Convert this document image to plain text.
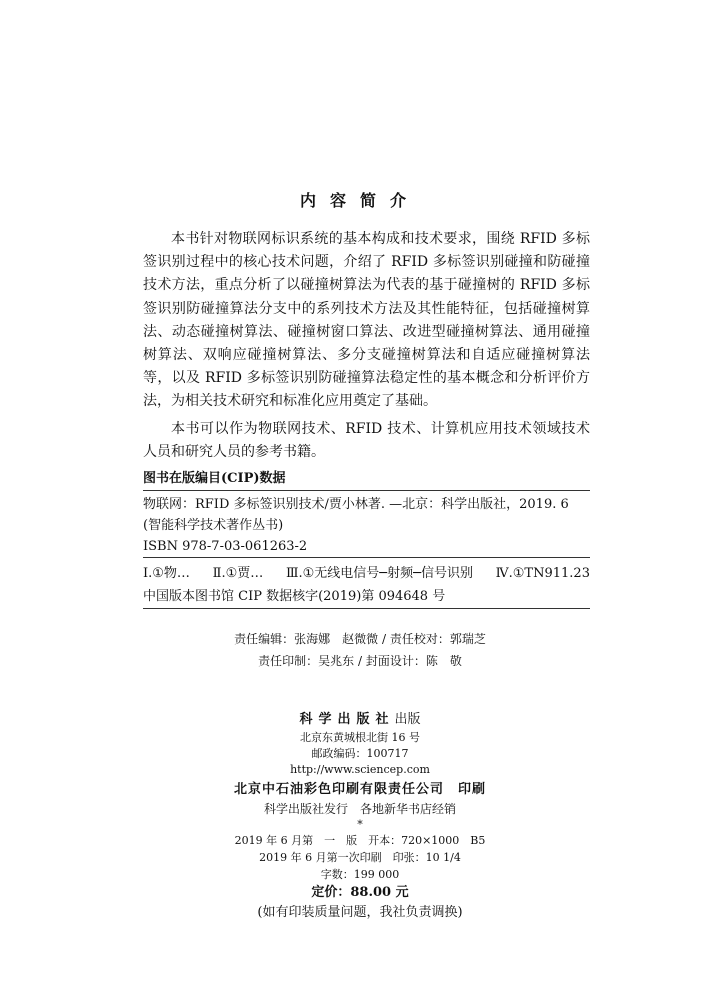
内容简介

本书针对物联网标识系统的基本构成和技术要求，围绕 RFID 多标签识别过程中的核心技术问题，介绍了 RFID 多标签识别碰撞和防碰撞技术方法，重点分析了以碰撞树算法为代表的基于碰撞树的 RFID 多标签识别防碰撞算法分支中的系列技术方法及其性能特征，包括碰撞树算法、动态碰撞树算法、碰撞树窗口算法、改进型碰撞树算法、通用碰撞树算法、双响应碰撞树算法、多分支碰撞树算法和自适应碰撞树算法等，以及 RFID 多标签识别防碰撞算法稳定性的基本概念和分析评价方法，为相关技术研究和标准化应用奠定了基础。

本书可以作为物联网技术、RFID 技术、计算机应用技术领域技术人员和研究人员的参考书籍。

图书在版编目(CIP)数据
物联网：RFID 多标签识别技术/贾小林著. —北京：科学出版社，2019. 6
(智能科学技术著作丛书)
ISBN 978-7-03-061263-2
Ⅰ.①物… Ⅱ.①贾… Ⅲ.①无线电信号─射频─信号识别 Ⅳ.①TN911.23
中国版本图书馆 CIP 数据核字(2019)第 094648 号
责任编辑：张海娜　赵微微 / 责任校对：郭瑞芝
责任印制：吴兆东 / 封面设计：陈　敬
科学出版社出版
北京东黄城根北街 16 号
邮政编码：100717
http://www.sciencep.com
北京中石油彩色印刷有限责任公司　印刷
科学出版社发行　各地新华书店经销
*
2019 年 6 月第　一　版　开本：720×1000　B5
2019 年 6 月第一次印刷　印张：10 1/4
字数：199 000
定价：88.00 元
(如有印装质量问题，我社负责调换)
